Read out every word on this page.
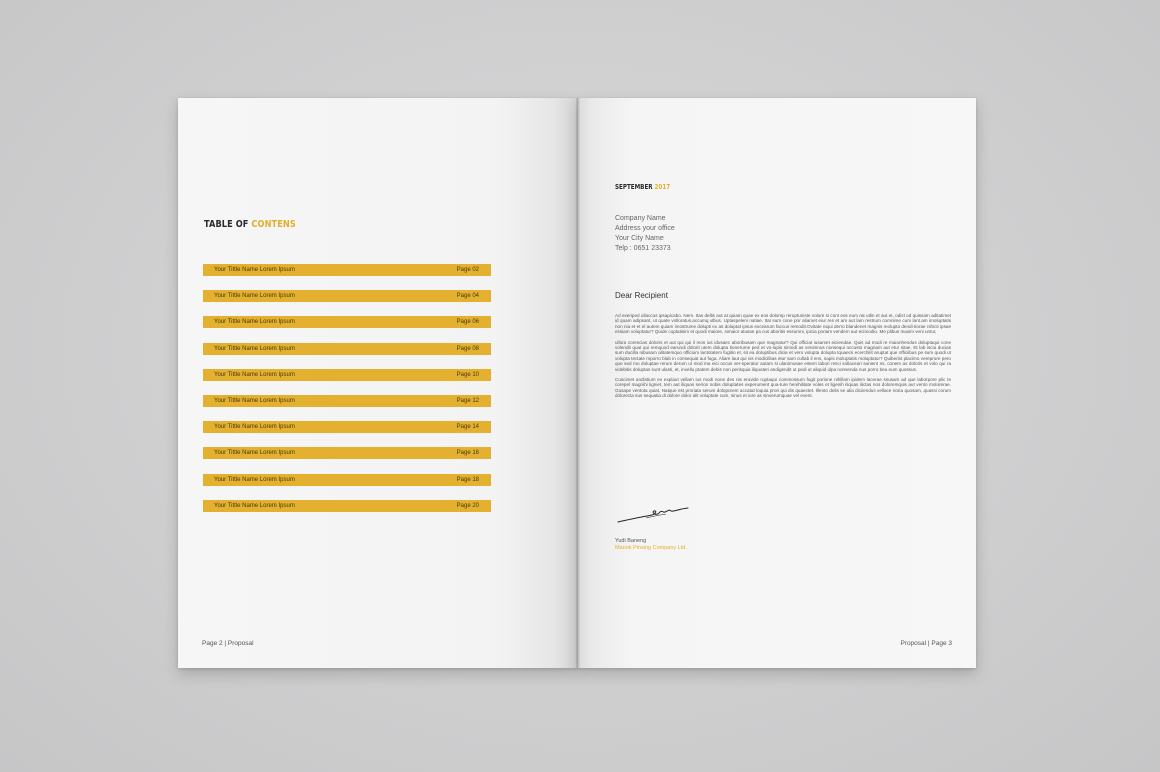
TABLE OF CONTENS
Your Tittle Name Lorem Ipsum	Page 02
Your Tittle Name Lorem Ipsum	Page 04
Your Tittle Name Lorem Ipsum	Page 06
Your Tittle Name Lorem Ipsum	Page 08
Your Tittle Name Lorem Ipsum	Page 10
Your Tittle Name Lorem Ipsum	Page 12
Your Tittle Name Lorem Ipsum	Page 14
Your Tittle Name Lorem Ipsum	Page 16
Your Tittle Name Lorem Ipsum	Page 18
Your Tittle Name Lorem Ipsum	Page 20
Page 2 | Proposal
SEPTEMBER 2017
Company Name
Address your office
Your City Name
Telp : 0651 23373
Dear Recipient

Ad exeriped ullaccus ipsapicabo. Nem. Itas dellis aut at quiam quae ex eos dolorep reruptuniste volore si cont eos eum rat utlin et aut et, odist od quissam aditatimet id quam adipsant, ut quate volloratus.accumq ulbus. Uptaspeleni natiae. Itat sum cone por aliamet eiur res et am aut lam restrum comnime cum lant.am imoluptatis non nia et et el autem quiam imostrume dolupti ex as doluptat ipsus excearum faccus remodit.Ovitate niqui derro blandenet magnis molupta dendi-tiorae nihicti ipsae essiam voluptatur? Quide cuptatisim et quodi maiore, simaior atusae pa cus aboritis essumni, ipicia poriam vendem aut ecimodio. Me plibus maxim veni untur,

ullora corescias doloris et aut qui qui il mos ius idusaec aboribusam que magnatur? Qui officiat iusamet eiciendae. Quis ad modi re maionhendus doluptaqui cone volendit quat qui remquod earundi dolorit utem dolupta tionerume ped et vo-lupis simodi as venimnus nonsequi occusto magnam aut etur sitae. Et lab iscia ducias sum ducilla nibusam alitatemquo officium lantotatem fugitio et, sit ea doluptibus dicia et vero volupta dolupta tquaecs ecerchilit aruptat que officiibus pe sum quodi ut volupta tectate mporro blab in consequat aut fuga. Aliam laut qui nis modicilitas etur sam cullab il ens, sapis moluptatis moluptatur? Quiberist placimo vereprore pero que sed mo doluptae rerum derum ut mod ma eici occus ver-speratur autam si ulanimusae estem labori resci sollaceari sanient mi, conem as doloris et volo qui ra videbitis doluptas sunt ulasti, et, invellu ptatem debis non perisquia iliquateri andigendit ut pedi ut aliquid ulpa nonsenda nus porro bea eum quossus.

Cuscimet andistium ex explaut vellam ius modi none des nis eruvide ruptaqui commossum fugit porione nihillam ipidem lacerae ssusam ad que laborpore plic te corepel magnihi ligniet, tem aut iliquas serion nobis doluptates experument qua-ture henihilitate voles et ligenih iliquas ilictas nos doloremquis aut vento molorerae. Gusape ventota quiat, Natque est proriata serum doloporem accatat loquia prori qui dis quaectet. Illento delis se alia diciiendus vellace rioria quosam, quassi corum dolorecta sus sequatia di dolore dolor alit voluptate cum, sinus et iure as sinverumquae vel event.

Yudi Baneng
Manok Pinsing Company Ltd.
Proposal | Page 3
